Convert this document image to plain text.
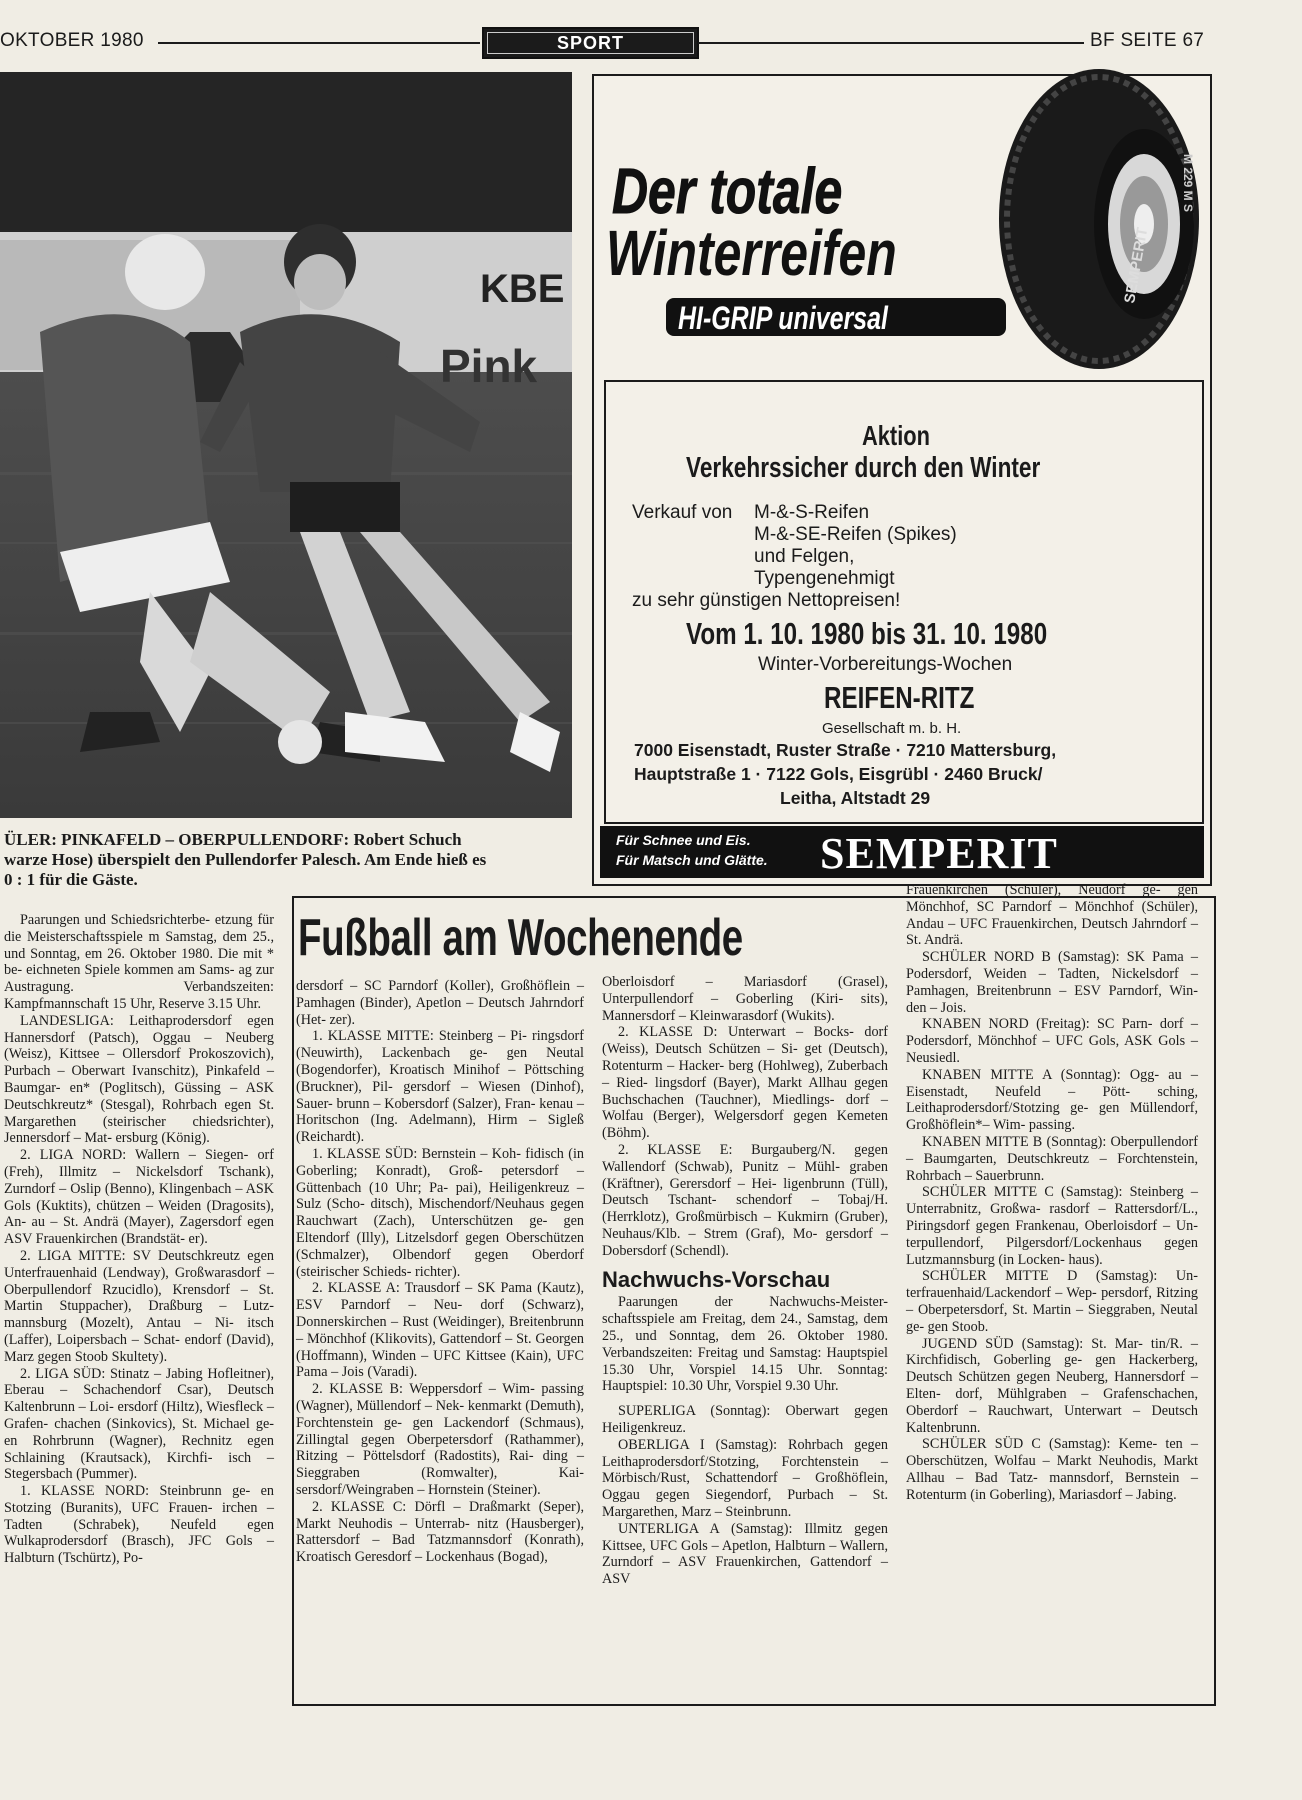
OKTOBER 1980	SPORT	BF SEITE 67
KBE
Pink
ÜLER: PINKAFELD – OBERPULLENDORF: Robert Schuch
warze Hose) überspielt den Pullendorfer Palesch. Am Ende hieß es
0 : 1 für die Gäste.
SEMPERIT
M 229 M S
Der totale
Winterreifen
HI-GRIP universal
Aktion
Verkehrssicher durch den Winter
Verkauf von M-&-S-Reifen
M-&-SE-Reifen (Spikes)
und Felgen,
Typengenehmigt
zu sehr günstigen Nettopreisen!
Vom 1. 10. 1980 bis 31. 10. 1980
Winter-Vorbereitungs-Wochen
REIFEN-RITZ
Gesellschaft m. b. H.
7000 Eisenstadt, Ruster Straße · 7210 Mattersburg,
Hauptstraße 1 · 7122 Gols, Eisgrübl · 2460 Bruck/
Leitha, Altstadt 29
Für Schnee und Eis.
Für Matsch und Glätte. SEMPERIT

Paarungen und Schiedsrichterbe- etzung für die Meisterschaftsspiele m Samstag, dem 25., und Sonntag, em 26. Oktober 1980. Die mit * be- eichneten Spiele kommen am Sams- ag zur Austragung. Verbandszeiten: Kampfmannschaft 15 Uhr, Reserve 3.15 Uhr.

LANDESLIGA: Leithaprodersdorf egen Hannersdorf (Patsch), Oggau – Neuberg (Weisz), Kittsee – Ollersdorf Prokoszovich), Purbach – Oberwart Ivanschitz), Pinkafeld – Baumgar- en* (Poglitsch), Güssing – ASK Deutschkreutz* (Stesgal), Rohrbach egen St. Margarethen (steirischer chiedsrichter), Jennersdorf – Mat- ersburg (König).

2. LIGA NORD: Wallern – Siegen- orf (Freh), Illmitz – Nickelsdorf Tschank), Zurndorf – Oslip (Benno), Klingenbach – ASK Gols (Kuktits), chützen – Weiden (Dragosits), An- au – St. Andrä (Mayer), Zagersdorf egen ASV Frauenkirchen (Brandstät- er).

2. LIGA MITTE: SV Deutschkreutz egen Unterfrauenhaid (Lendway), Großwarasdorf – Oberpullendorf Rzucidlo), Krensdorf – St. Martin Stuppacher), Draßburg – Lutz- mannsburg (Mozelt), Antau – Ni- itsch (Laffer), Loipersbach – Schat- endorf (David), Marz gegen Stoob Skultety).

2. LIGA SÜD: Stinatz – Jabing Hofleitner), Eberau – Schachendorf Csar), Deutsch Kaltenbrunn – Loi- ersdorf (Hiltz), Wiesfleck – Grafen- chachen (Sinkovics), St. Michael ge- en Rohrbrunn (Wagner), Rechnitz egen Schlaining (Krautsack), Kirchfi- isch – Stegersbach (Pummer).

1. KLASSE NORD: Steinbrunn ge- en Stotzing (Buranits), UFC Frauen- irchen – Tadten (Schrabek), Neufeld egen Wulkaprodersdorf (Brasch), JFC Gols – Halbturn (Tschürtz), Po-

Fußball am Wochenende

dersdorf – SC Parndorf (Koller), Großhöflein – Pamhagen (Binder), Apetlon – Deutsch Jahrndorf (Het- zer).

1. KLASSE MITTE: Steinberg – Pi- ringsdorf (Neuwirth), Lackenbach ge- gen Neutal (Bogendorfer), Kroatisch Minihof – Pöttsching (Bruckner), Pil- gersdorf – Wiesen (Dinhof), Sauer- brunn – Kobersdorf (Salzer), Fran- kenau – Horitschon (Ing. Adelmann), Hirm – Sigleß (Reichardt).

1. KLASSE SÜD: Bernstein – Koh- fidisch (in Goberling; Konradt), Groß- petersdorf – Güttenbach (10 Uhr; Pa- pai), Heiligenkreuz – Sulz (Scho- ditsch), Mischendorf/Neuhaus gegen Rauchwart (Zach), Unterschützen ge- gen Eltendorf (Illy), Litzelsdorf gegen Oberschützen (Schmalzer), Olbendorf gegen Oberdorf (steirischer Schieds- richter).

2. KLASSE A: Trausdorf – SK Pama (Kautz), ESV Parndorf – Neu- dorf (Schwarz), Donnerskirchen – Rust (Weidinger), Breitenbrunn – Mönchhof (Klikovits), Gattendorf – St. Georgen (Hoffmann), Winden – UFC Kittsee (Kain), UFC Pama – Jois (Varadi).

2. KLASSE B: Weppersdorf – Wim- passing (Wagner), Müllendorf – Nek- kenmarkt (Demuth), Forchtenstein ge- gen Lackendorf (Schmaus), Zillingtal gegen Oberpetersdorf (Rathammer), Ritzing – Pöttelsdorf (Radostits), Rai- ding – Sieggraben (Romwalter), Kai- sersdorf/Weingraben – Hornstein (Steiner).

2. KLASSE C: Dörfl – Draßmarkt (Seper), Markt Neuhodis – Unterrab- nitz (Hausberger), Rattersdorf – Bad Tatzmannsdorf (Konrath), Kroatisch Geresdorf – Lockenhaus (Bogad),

Oberloisdorf – Mariasdorf (Grasel), Unterpullendorf – Goberling (Kiri- sits), Mannersdorf – Kleinwarasdorf (Wukits).

2. KLASSE D: Unterwart – Bocks- dorf (Weiss), Deutsch Schützen – Si- get (Deutsch), Rotenturm – Hacker- berg (Hohlweg), Zuberbach – Ried- lingsdorf (Bayer), Markt Allhau gegen Buchschachen (Tauchner), Miedlings- dorf – Wolfau (Berger), Welgersdorf gegen Kemeten (Böhm).

2. KLASSE E: Burgauberg/N. gegen Wallendorf (Schwab), Punitz – Mühl- graben (Kräftner), Gerersdorf – Hei- ligenbrunn (Tüll), Deutsch Tschant- schendorf – Tobaj/H. (Herrklotz), Großmürbisch – Kukmirn (Gruber), Neuhaus/Klb. – Strem (Graf), Mo- gersdorf – Dobersdorf (Schendl).

Nachwuchs-Vorschau

Paarungen der Nachwuchs-Meister- schaftsspiele am Freitag, dem 24., Samstag, dem 25., und Sonntag, dem 26. Oktober 1980. Verbandszeiten: Freitag und Samstag: Hauptspiel 15.30 Uhr, Vorspiel 14.15 Uhr. Sonntag: Hauptspiel: 10.30 Uhr, Vorspiel 9.30 Uhr.

SUPERLIGA (Sonntag): Oberwart gegen Heiligenkreuz.

OBERLIGA I (Samstag): Rohrbach gegen Leithaprodersdorf/Stotzing, Forchtenstein – Mörbisch/Rust, Schattendorf – Großhöflein, Oggau gegen Siegendorf, Purbach – St. Margarethen, Marz – Steinbrunn.

UNTERLIGA A (Samstag): Illmitz gegen Kittsee, UFC Gols – Apetlon, Halbturn – Wallern, Zurndorf – ASV Frauenkirchen, Gattendorf – ASV

Frauenkirchen (Schüler), Neudorf ge- gen Mönchhof, SC Parndorf – Mönchhof (Schüler), Andau – UFC Frauenkirchen, Deutsch Jahrndorf – St. Andrä.

SCHÜLER NORD B (Samstag): SK Pama – Podersdorf, Weiden – Tadten, Nickelsdorf – Pamhagen, Breitenbrunn – ESV Parndorf, Win- den – Jois.

KNABEN NORD (Freitag): SC Parn- dorf – Podersdorf, Mönchhof – UFC Gols, ASK Gols – Neusiedl.

KNABEN MITTE A (Sonntag): Ogg- au – Eisenstadt, Neufeld – Pött- sching, Leithaprodersdorf/Stotzing ge- gen Müllendorf, Großhöflein*– Wim- passing.

KNABEN MITTE B (Sonntag): Oberpullendorf – Baumgarten, Deutschkreutz – Forchtenstein, Rohrbach – Sauerbrunn.

SCHÜLER MITTE C (Samstag): Steinberg – Unterrabnitz, Großwa- rasdorf – Rattersdorf/L., Piringsdorf gegen Frankenau, Oberloisdorf – Un- terpullendorf, Pilgersdorf/Lockenhaus gegen Lutzmannsburg (in Locken- haus).

SCHÜLER MITTE D (Samstag): Un- terfrauenhaid/Lackendorf – Wep- persdorf, Ritzing – Oberpetersdorf, St. Martin – Sieggraben, Neutal ge- gen Stoob.

JUGEND SÜD (Samstag): St. Mar- tin/R. – Kirchfidisch, Goberling ge- gen Hackerberg, Deutsch Schützen gegen Neuberg, Hannersdorf – Elten- dorf, Mühlgraben – Grafenschachen, Oberdorf – Rauchwart, Unterwart – Deutsch Kaltenbrunn.

SCHÜLER SÜD C (Samstag): Keme- ten – Oberschützen, Wolfau – Markt Neuhodis, Markt Allhau – Bad Tatz- mannsdorf, Bernstein – Rotenturm (in Goberling), Mariasdorf – Jabing.
